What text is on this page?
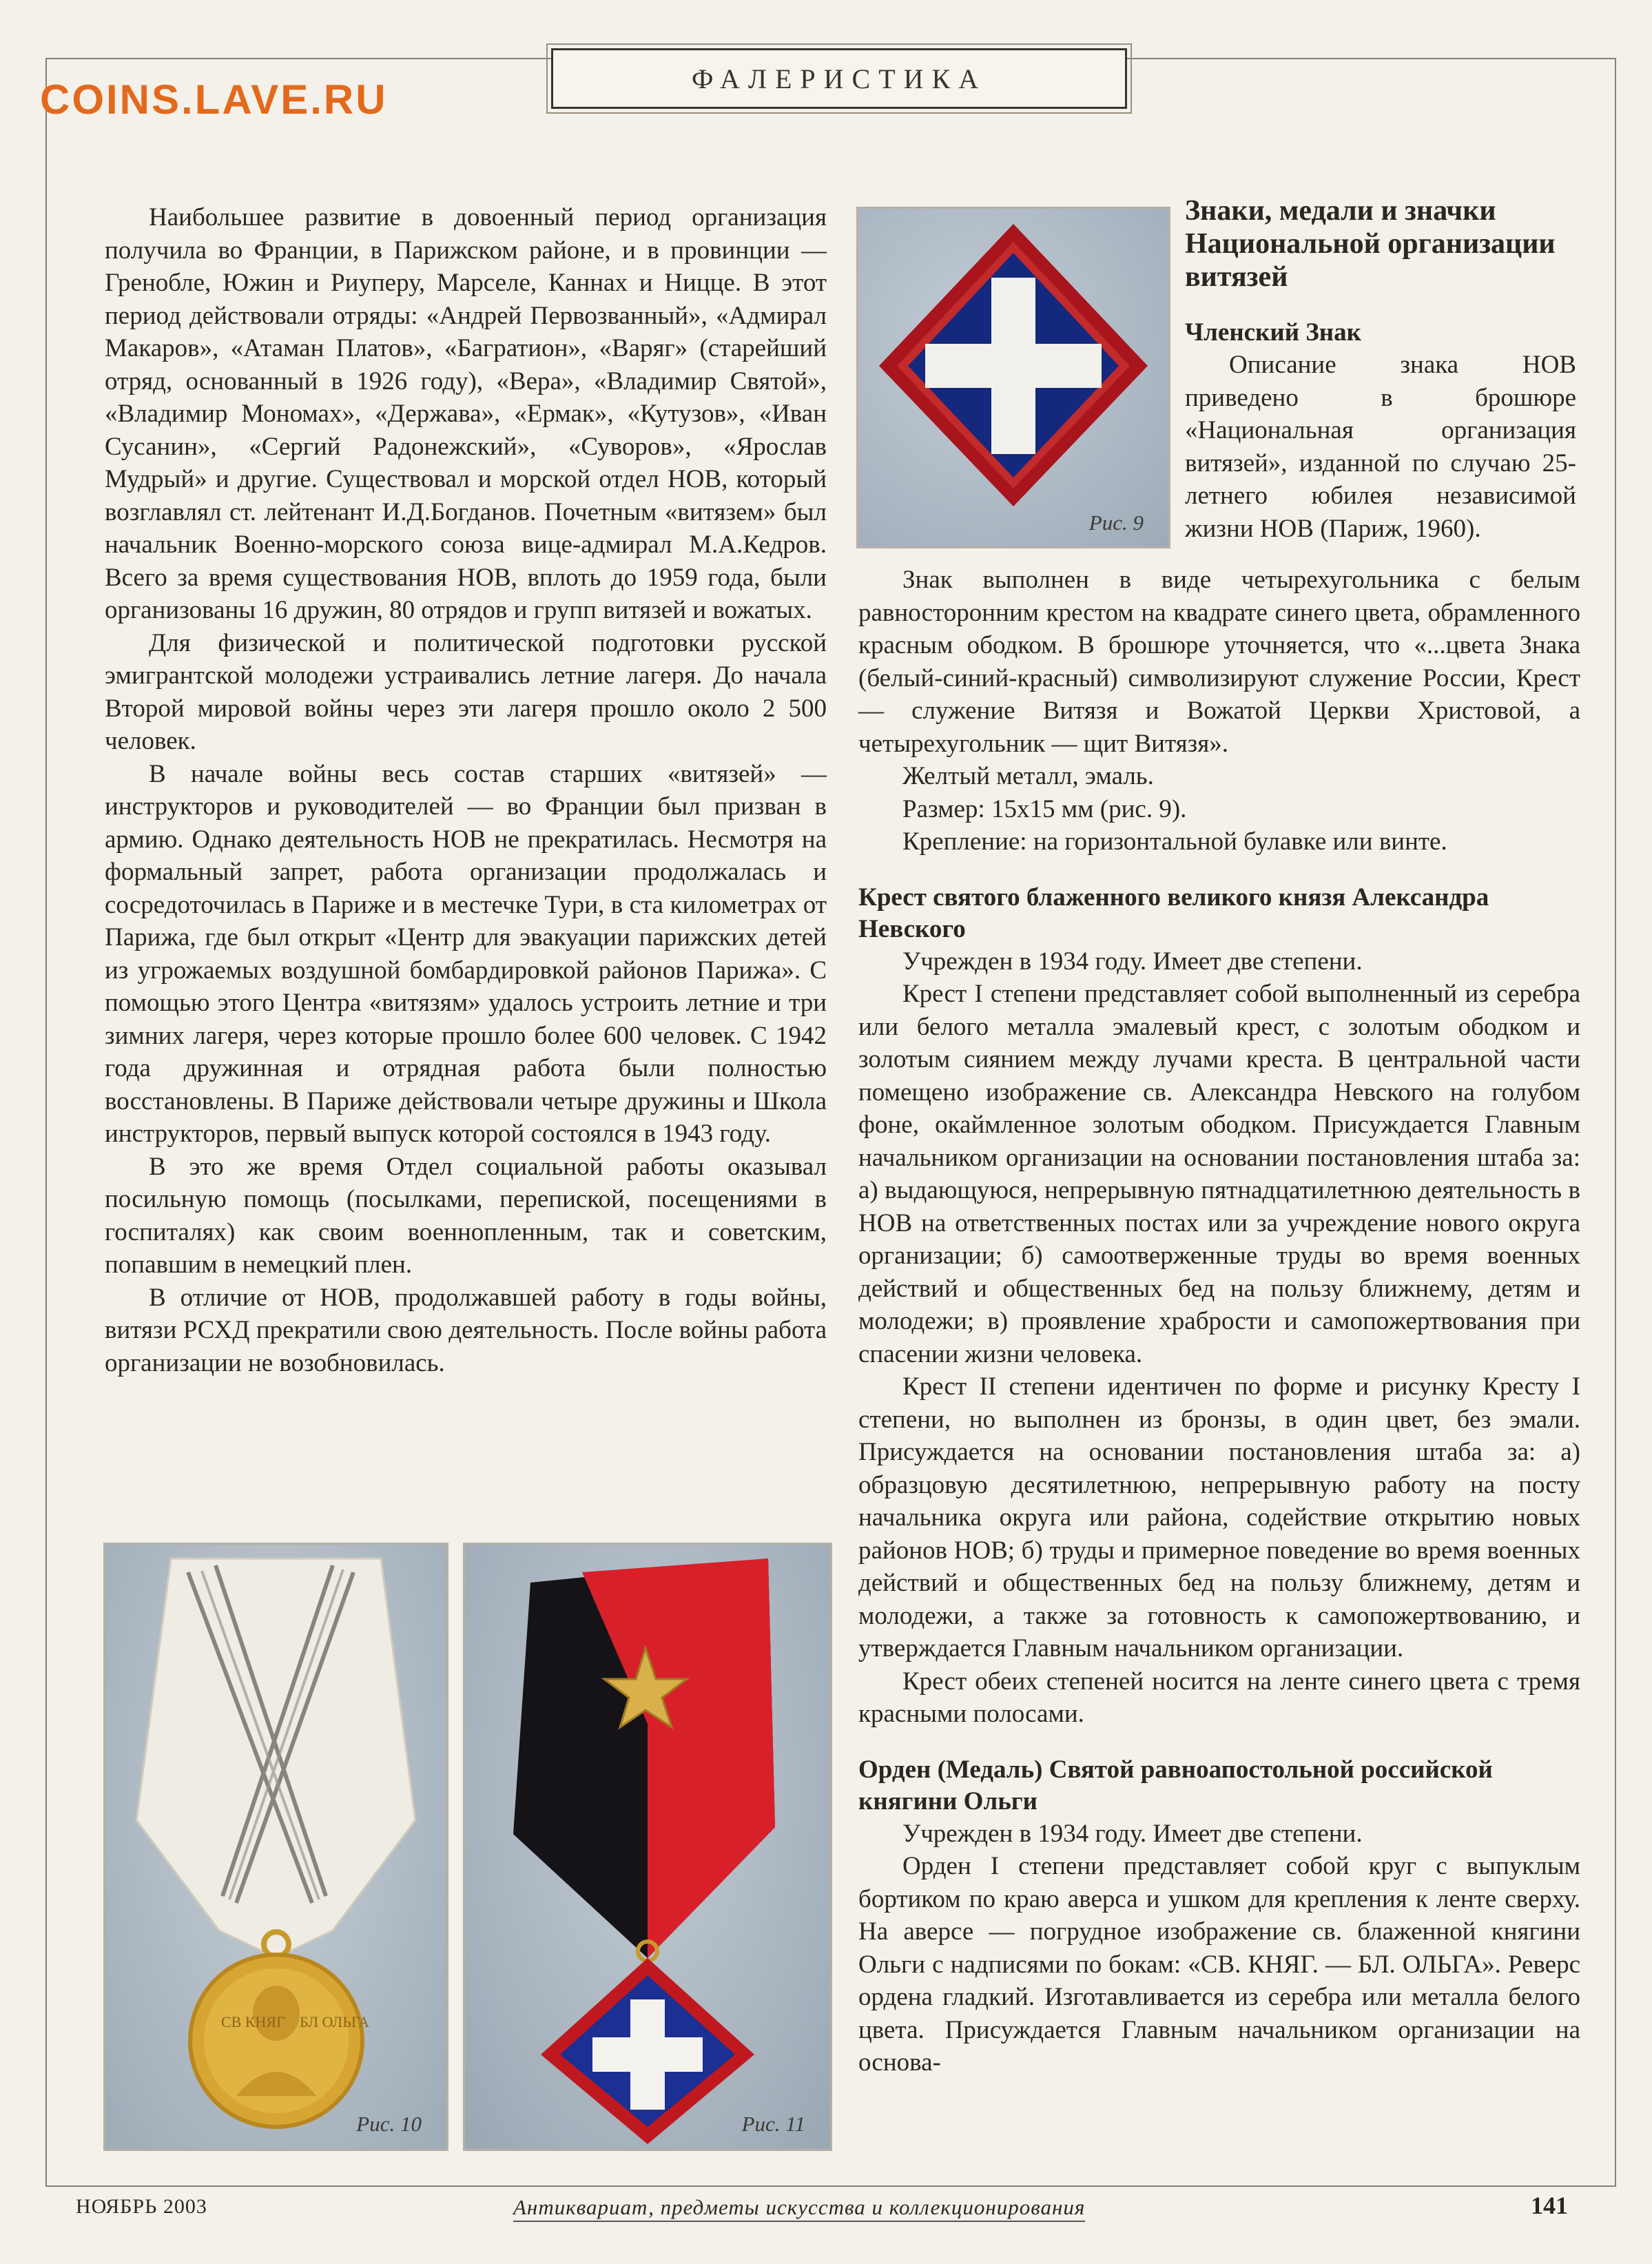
ФАЛЕРИСТИКА
COINS.LAVE.RU

Наибольшее развитие в довоенный период организация получила во Франции, в Парижском районе, и в провинции — Гренобле, Южин и Риуперу, Марселе, Каннах и Ницце. В этот период действовали отряды: «Андрей Первозванный», «Адмирал Макаров», «Атаман Платов», «Багратион», «Варяг» (старейший отряд, основанный в 1926 году), «Вера», «Владимир Святой», «Владимир Мономах», «Держава», «Ермак», «Кутузов», «Иван Сусанин», «Сергий Радонежский», «Суворов», «Ярослав Мудрый» и другие. Существовал и морской отдел НОВ, который возглавлял ст. лейтенант И.Д.Богданов. Почетным «витязем» был начальник Военно-морского союза вице-адмирал М.А.Кедров. Всего за время существования НОВ, вплоть до 1959 года, были организованы 16 дружин, 80 отрядов и групп витязей и вожатых.

Для физической и политической подготовки русской эмигрантской молодежи устраивались летние лагеря. До начала Второй мировой войны через эти лагеря прошло около 2 500 человек.

В начале войны весь состав старших «витязей» — инструкторов и руководителей — во Франции был призван в армию. Однако деятельность НОВ не прекратилась. Несмотря на формальный запрет, работа организации продолжалась и сосредоточилась в Париже и в местечке Тури, в ста километрах от Парижа, где был открыт «Центр для эвакуации парижских детей из угрожаемых воздушной бомбардировкой районов Парижа». С помощью этого Центра «витязям» удалось устроить летние и три зимних лагеря, через которые прошло более 600 человек. С 1942 года дружинная и отрядная работа были полностью восстановлены. В Париже действовали четыре дружины и Школа инструкторов, первый выпуск которой состоялся в 1943 году.

В это же время Отдел социальной работы оказывал посильную помощь (посылками, перепиской, посещениями в госпиталях) как своим военнопленным, так и советским, попавшим в немецкий плен.

В отличие от НОВ, продолжавшей работу в годы войны, витязи РСХД прекратили свою деятельность. После войны работа организации не возобновилась.

Рис. 9

Знаки, медали и значки Национальной организации витязей

Членский Знак

Описание знака НОВ приведено в брошюре «Национальная организация витязей», изданной по случаю 25-летнего юбилея независимой жизни НОВ (Париж, 1960).

Знак выполнен в виде четырехугольника с белым равносторонним крестом на квадрате синего цвета, обрамленного красным ободком. В брошюре уточняется, что «...цвета Знака (белый-синий-красный) символизируют служение России, Крест — служение Витязя и Вожатой Церкви Христовой, а четырехугольник — щит Витязя».

Желтый металл, эмаль.

Размер: 15х15 мм (рис. 9).

Крепление: на горизонтальной булавке или винте.

Крест святого блаженного великого князя Александра Невского

Учрежден в 1934 году. Имеет две степени.

Крест I степени представляет собой выполненный из серебра или белого металла эмалевый крест, с золотым ободком и золотым сиянием между лучами креста. В центральной части помещено изображение св. Александра Невского на голубом фоне, окаймленное золотым ободком. Присуждается Главным начальником организации на основании постановления штаба за: а) выдающуюся, непрерывную пятнадцатилетнюю деятельность в НОВ на ответственных постах или за учреждение нового округа организации; б) самоотверженные труды во время военных действий и общественных бед на пользу ближнему, детям и молодежи; в) проявление храбрости и самопожертвования при спасении жизни человека.

Крест II степени идентичен по форме и рисунку Кресту I степени, но выполнен из бронзы, в один цвет, без эмали. Присуждается на основании постановления штаба за: а) образцовую десятилетнюю, непрерывную работу на посту начальника округа или района, содействие открытию новых районов НОВ; б) труды и примерное поведение во время военных действий и общественных бед на пользу ближнему, детям и молодежи, а также за готовность к самопожертвованию, и утверждается Главным начальником организации.

Крест обеих степеней носится на ленте синего цвета с тремя красными полосами.

Орден (Медаль) Святой равноапостольной российской княгини Ольги

Учрежден в 1934 году. Имеет две степени.

Орден I степени представляет собой круг с выпуклым бортиком по краю аверса и ушком для крепления к ленте сверху. На аверсе — погрудное изображение св. блаженной княгини Ольги с надписями по бокам: «СВ. КНЯГ. — БЛ. ОЛЬГА». Реверс ордена гладкий. Изготавливается из серебра или металла белого цвета. Присуждается Главным начальником организации на основа-

СВ КНЯГ БЛ ОЛЬГА
Рис. 10	Рис. 11
НОЯБРЬ 2003	Антиквариат, предметы искусства и коллекционирования	141
